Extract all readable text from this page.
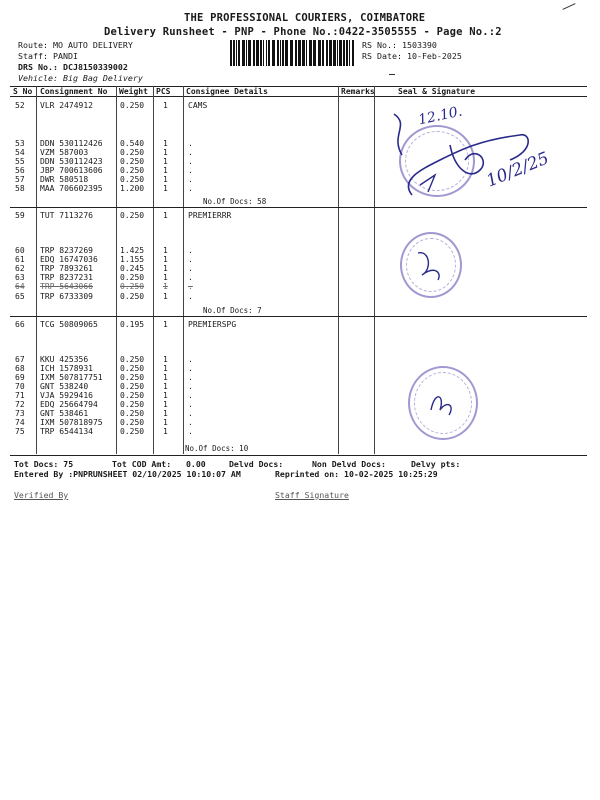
THE PROFESSIONAL COURIERS, COIMBATORE
Delivery Runsheet - PNP - Phone No.:0422-3505555 - Page No.:2
Route: MO AUTO DELIVERY
Staff: PANDI
DRS No.: DCJ8150339002
Vehicle: Big Bag Delivery
RS No.: 1503390
RS Date: 10-Feb-2025
S No Consignment No Weight PCS Consignee Details	Remarks	Seal & Signature
52 VLR 2474912	0.250 1	CAMS
53 DDN 530112426 0.540 1	.
54 VZM 587003	0.250 1	.
55 DDN 530112423 0.250 1	.
56 JBP 700613606 0.250 1	.
57 DWR 580518	0.250 1	.
58 MAA 706602395 1.200 1	.
59 TUT 7113276	0.250 1	PREMIERRR
60 TRP 8237269	1.425 1	.
61 EDQ 16747036	1.155 1	.
62 TRP 7893261	0.245 1	.
63 TRP 8237231	0.250 1	.
64 TRP 5643066	0.250 1	.
65 TRP 6733309	0.250 1	.
66 TCG 50809065	0.195 1	PREMIERSPG
67 KKU 425356	0.250 1	.
68 ICH 1578931	0.250 1	.
69 IXM 507817751 0.250 1	.
70 GNT 538240	0.250 1	.
71 VJA 5929416	0.250 1	.
72 EDQ 25664794	0.250 1	.
73 GNT 538461	0.250 1	.
74 IXM 507818975 0.250 1	.
75 TRP 6544134	0.250 1	.
No.Of Docs: 58
No.Of Docs: 7
No.Of Docs: 10
12.10.
10/2/25
Tot Docs: 75	Tot COD Amt: 0.00	Delvd Docs:	Non Delvd Docs:	Delvy pts:
Entered By :PNPRUNSHEET 02/10/2025 10:10:07 AM	Reprinted on: 10-02-2025 10:25:29
Verified By	Staff Signature
